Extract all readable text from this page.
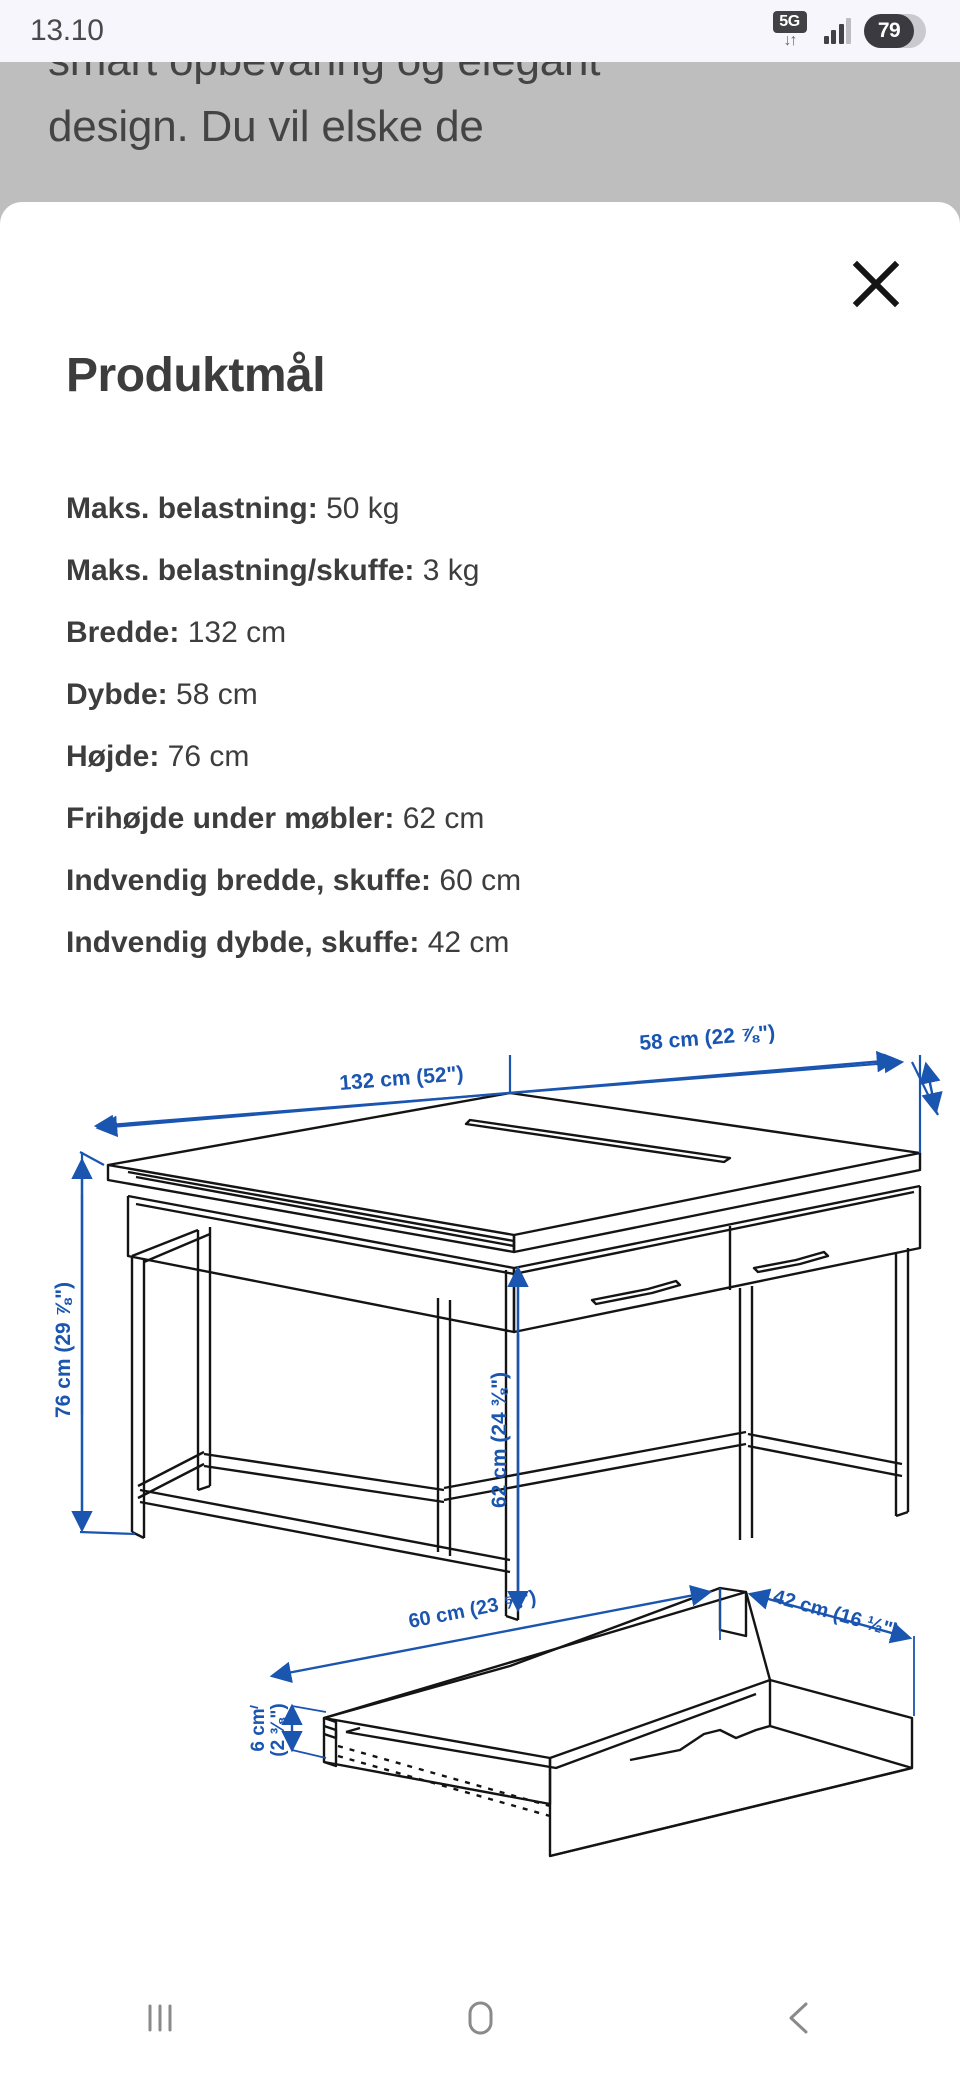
13.10	5G
↓↑	79
design. Du vil elske de
Produktmål
Maks. belastning: 50 kg
Maks. belastning/skuffe: 3 kg
Bredde: 132 cm
Dybde: 58 cm
Højde: 76 cm
Frihøjde under møbler: 62 cm
Indvendig bredde, skuffe: 60 cm
Indvendig dybde, skuffe: 42 cm
132 cm (52")
58 cm (22 ⅞")
76 cm (29 ⅞")
62 cm (24 ⅜")
60 cm (23 ⅝")	42 cm (16 ½")
6 cm (2 ⅜")
